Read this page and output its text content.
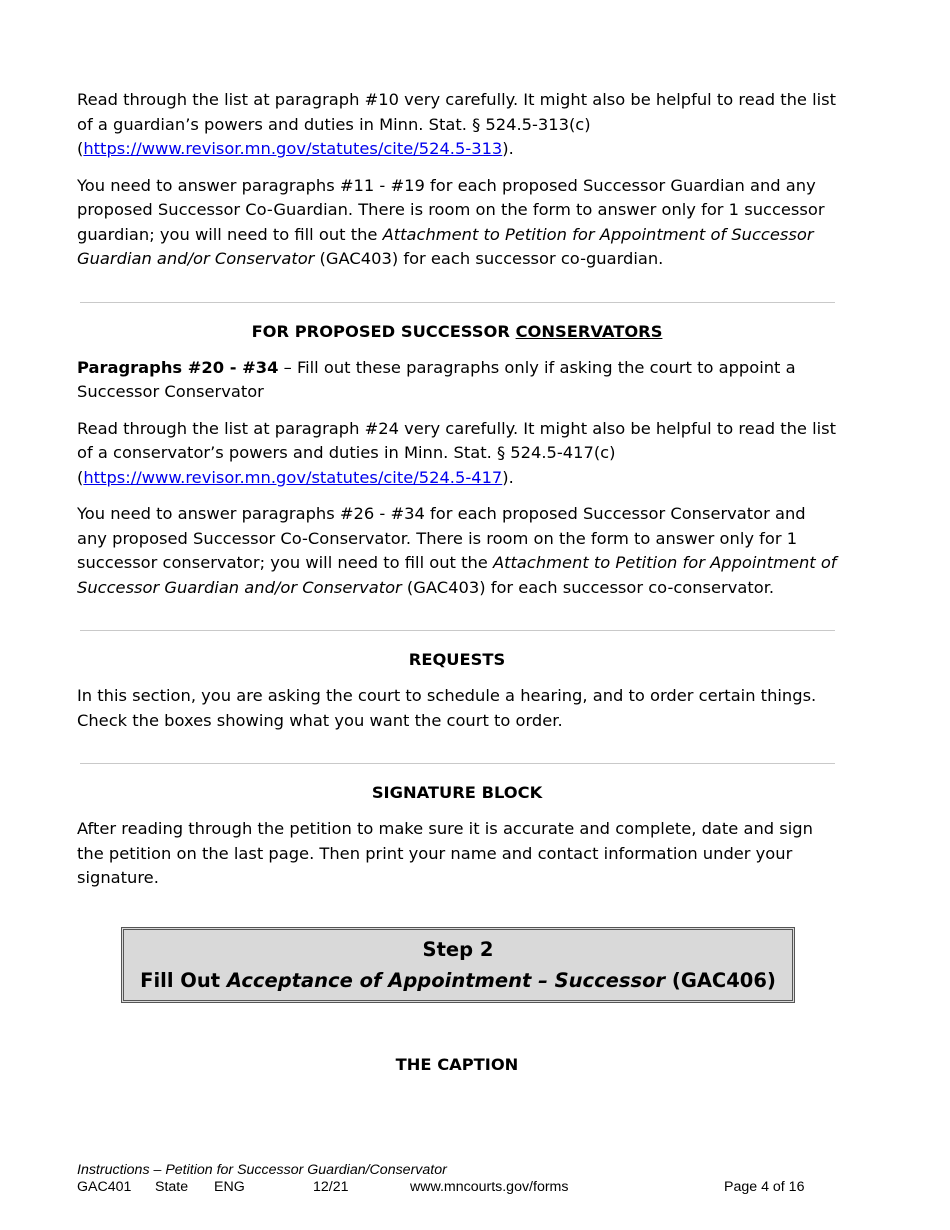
Read through the list at paragraph #10 very carefully. It might also be helpful to read the list of a guardian’s powers and duties in Minn. Stat. § 524.5-313(c)
(https://www.revisor.mn.gov/statutes/cite/524.5-313).

You need to answer paragraphs #11 - #19 for each proposed Successor Guardian and any proposed Successor Co-Guardian. There is room on the form to answer only for 1 successor guardian; you will need to fill out the Attachment to Petition for Appointment of Successor Guardian and/or Conservator (GAC403) for each successor co-guardian.

FOR PROPOSED SUCCESSOR CONSERVATORS

Paragraphs #20 - #34 – Fill out these paragraphs only if asking the court to appoint a Successor Conservator

Read through the list at paragraph #24 very carefully. It might also be helpful to read the list of a conservator’s powers and duties in Minn. Stat. § 524.5-417(c)
(https://www.revisor.mn.gov/statutes/cite/524.5-417).

You need to answer paragraphs #26 - #34 for each proposed Successor Conservator and any proposed Successor Co-Conservator. There is room on the form to answer only for 1 successor conservator; you will need to fill out the Attachment to Petition for Appointment of Successor Guardian and/or Conservator (GAC403) for each successor co-conservator.

REQUESTS

In this section, you are asking the court to schedule a hearing, and to order certain things. Check the boxes showing what you want the court to order.

SIGNATURE BLOCK

After reading through the petition to make sure it is accurate and complete, date and sign the petition on the last page. Then print your name and contact information under your signature.

Step 2
Fill Out Acceptance of Appointment – Successor (GAC406)
THE CAPTION
Instructions – Petition for Successor Guardian/Conservator
GAC401 State ENG	12/21	www.mncourts.gov/forms	Page 4 of 16
